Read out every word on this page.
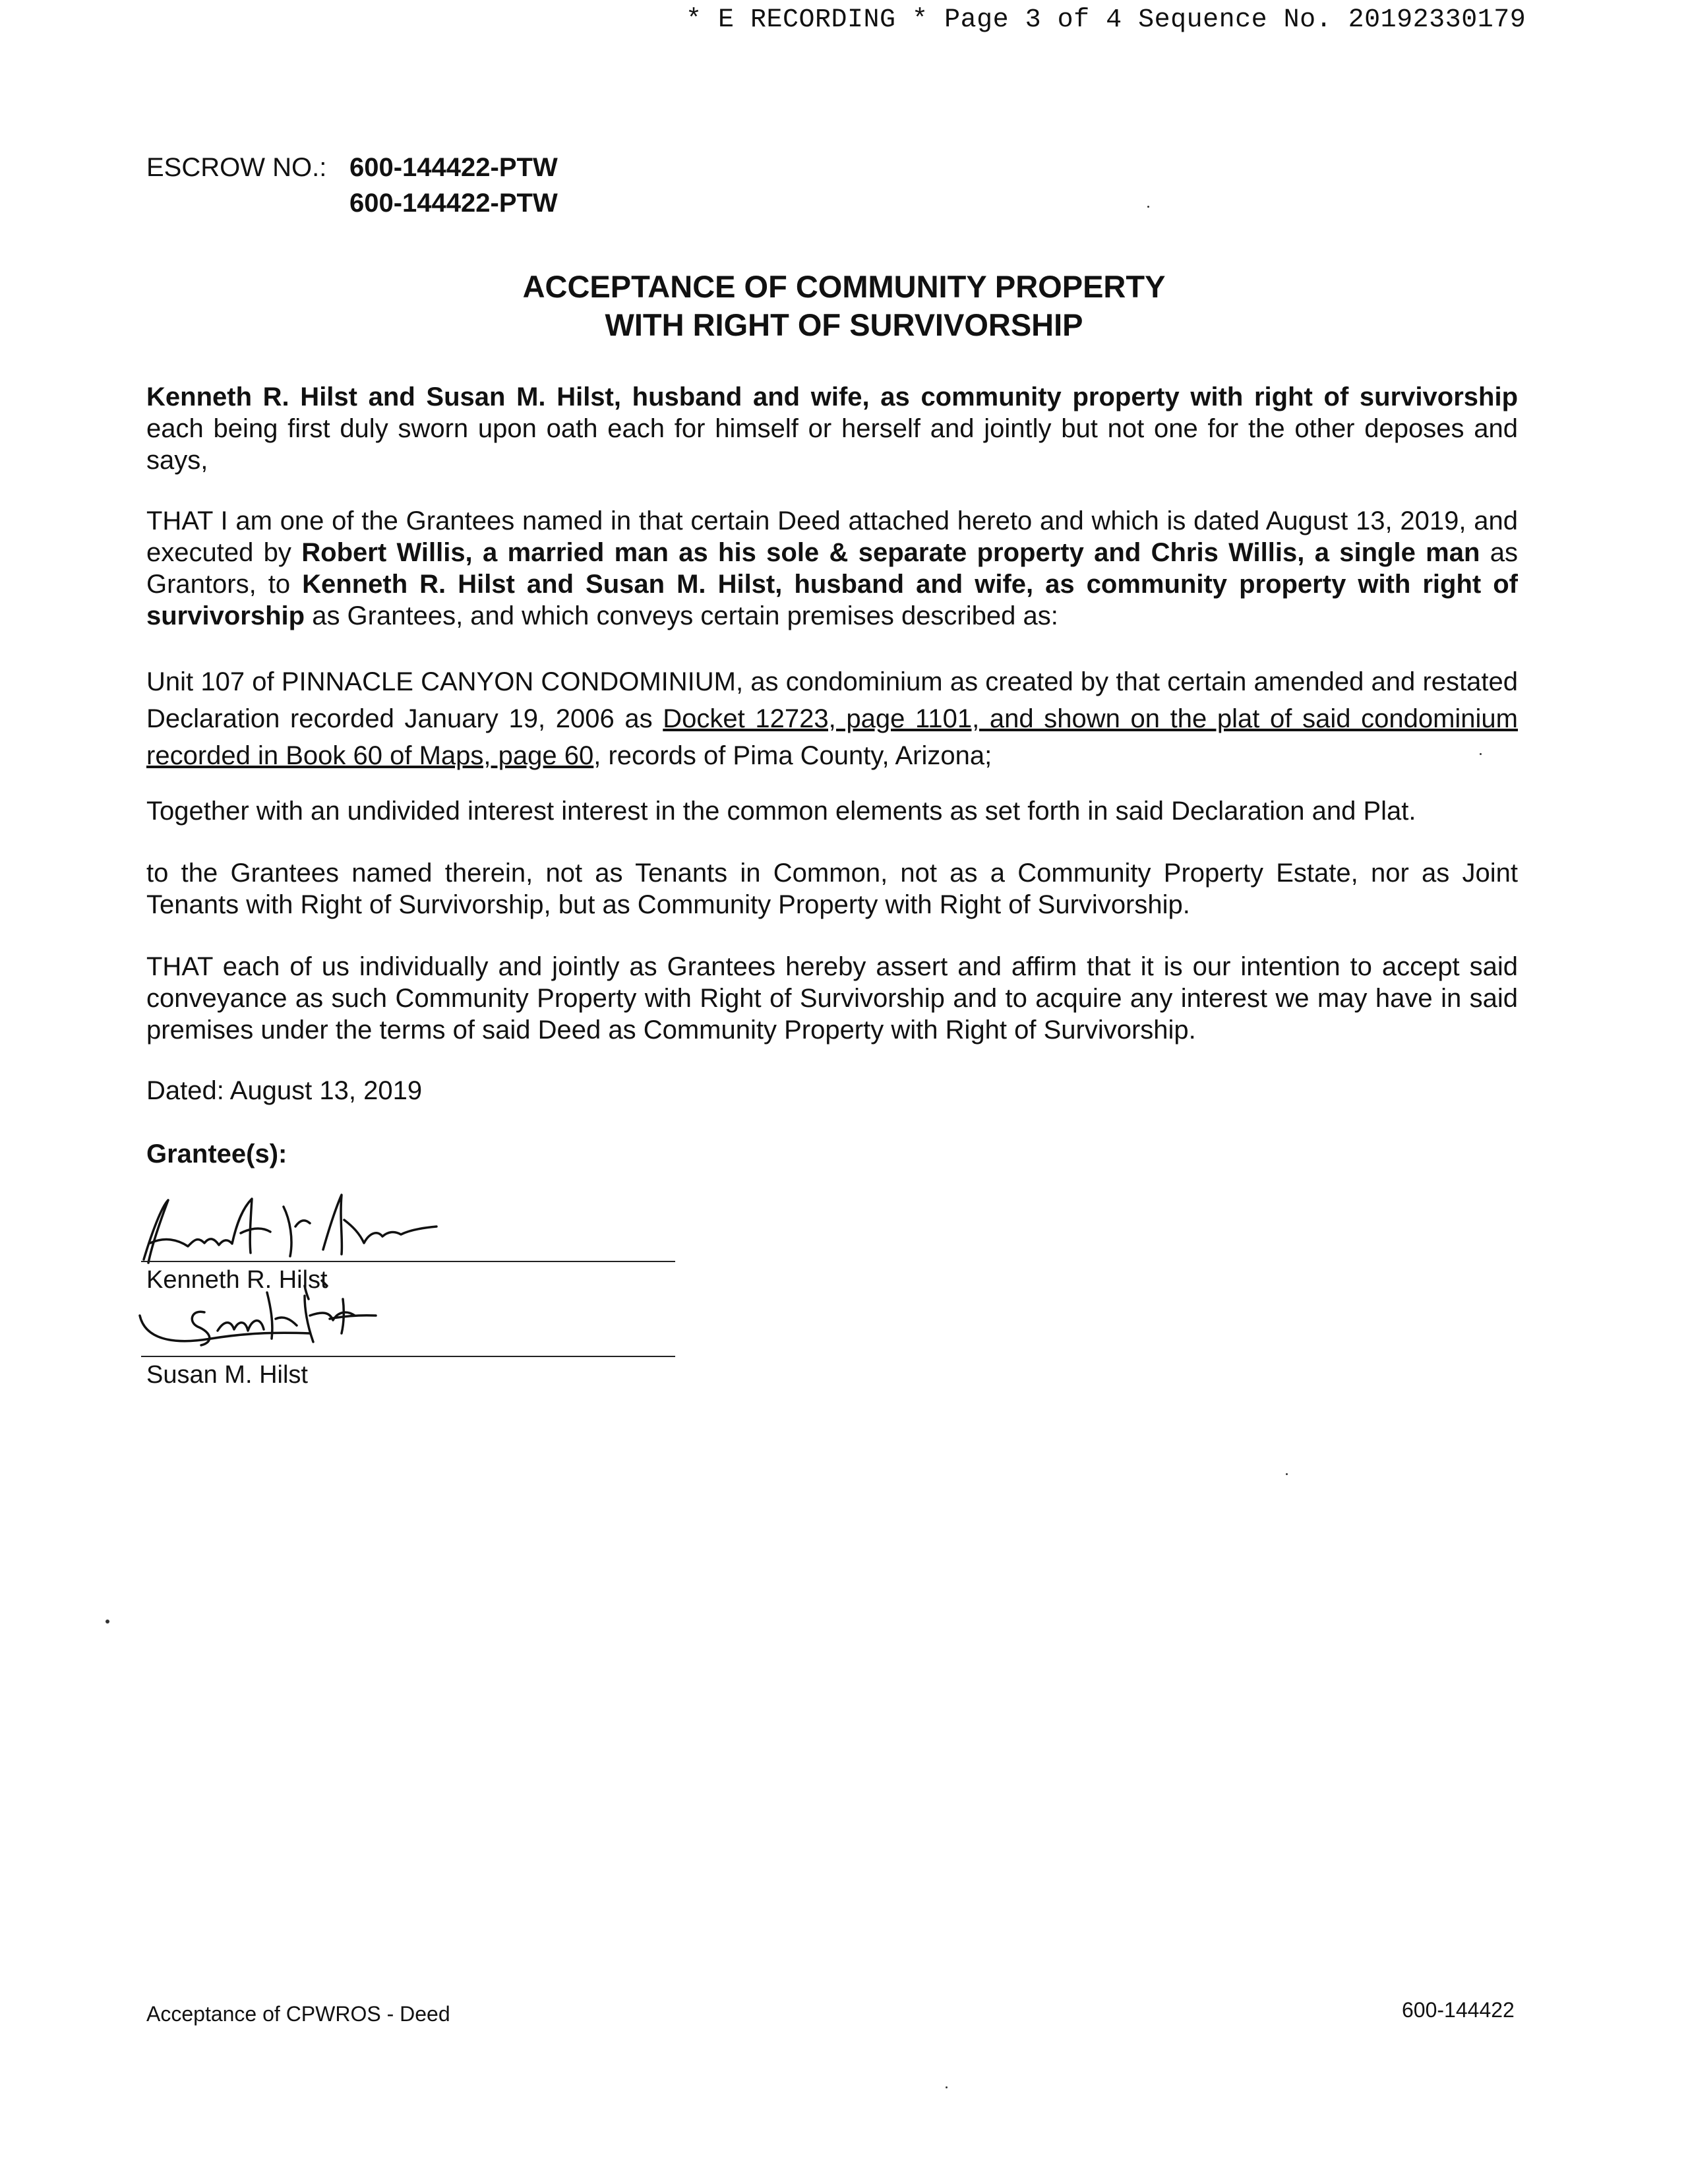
* E RECORDING * Page 3 of 4 Sequence No. 20192330179
ESCROW NO.: 600-144422-PTW
600-144422-PTW
ACCEPTANCE OF COMMUNITY PROPERTY
WITH RIGHT OF SURVIVORSHIP
Kenneth R. Hilst and Susan M. Hilst, husband and wife, as community property with right of survivorship each being first duly sworn upon oath each for himself or herself and jointly but not one for the other deposes and says,
THAT I am one of the Grantees named in that certain Deed attached hereto and which is dated August 13, 2019, and executed by Robert Willis, a married man as his sole & separate property and Chris Willis, a single man as Grantors, to Kenneth R. Hilst and Susan M. Hilst, husband and wife, as community property with right of survivorship as Grantees, and which conveys certain premises described as:
Unit 107 of PINNACLE CANYON CONDOMINIUM, as condominium as created by that certain amended and restated Declaration recorded January 19, 2006 as Docket 12723, page 1101, and shown on the plat of said condominium recorded in Book 60 of Maps, page 60, records of Pima County, Arizona;
Together with an undivided interest interest in the common elements as set forth in said Declaration and Plat.
to the Grantees named therein, not as Tenants in Common, not as a Community Property Estate, nor as Joint Tenants with Right of Survivorship, but as Community Property with Right of Survivorship.
THAT each of us individually and jointly as Grantees hereby assert and affirm that it is our intention to accept said conveyance as such Community Property with Right of Survivorship and to acquire any interest we may have in said premises under the terms of said Deed as Community Property with Right of Survivorship.
Dated: August 13, 2019
Grantee(s):
Kenneth R. Hilst
Susan M. Hilst
Acceptance of CPWROS - Deed	600-144422
